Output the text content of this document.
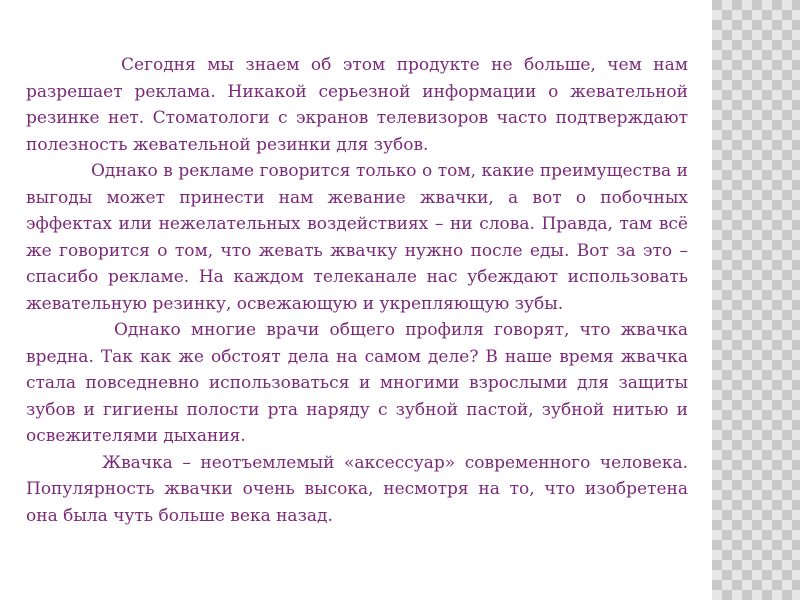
Сегодня мы знаем об этом продукте не больше, чем нам разрешает реклама. Никакой серьезной информации о жевательной резинке нет. Стоматологи с экранов телевизоров часто подтверждают полезность жевательной резинки для зубов.

Однако в рекламе говорится только о том, какие преимущества и выгоды может принести нам жевание жвачки, а вот о побочных эффектах или нежелательных воздействиях – ни слова. Правда, там всё же говорится о том, что жевать жвачку нужно после еды. Вот за это – спасибо рекламе. На каждом телеканале нас убеждают использовать жевательную резинку, освежающую и укрепляющую зубы.

Однако многие врачи общего профиля говорят, что жвачка вредна. Так как же обстоят дела на самом деле? В наше время жвачка стала повседневно использоваться и многими взрослыми для защиты зубов и гигиены полости рта наряду с зубной пастой, зубной нитью и освежителями дыхания.

Жвачка – неотъемлемый «аксессуар» современного человека. Популярность жвачки очень высока, несмотря на то, что изобретена она была чуть больше века назад.
